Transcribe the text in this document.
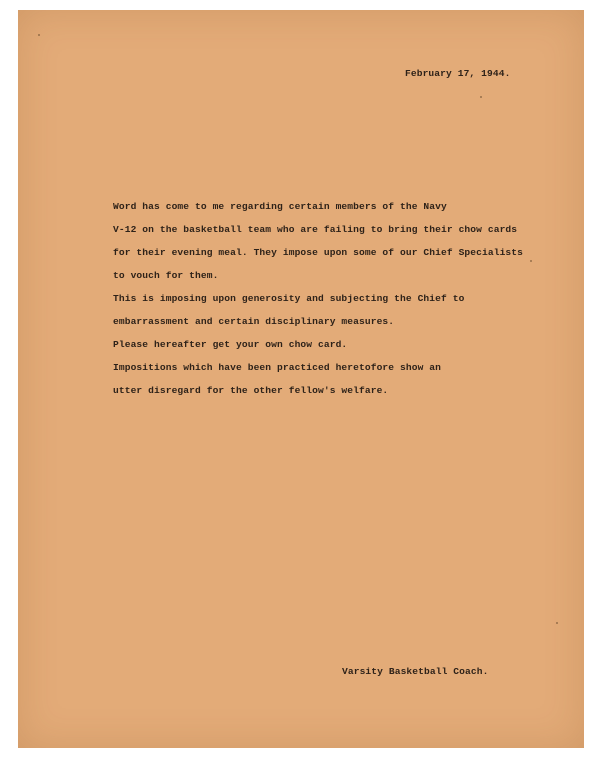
February 17, 1944.
Word has come to me regarding certain members of the Navy
V-12 on the basketball team who are failing to bring their chow cards
for their evening meal. They impose upon some of our Chief Specialists
to vouch for them.
This is imposing upon generosity and subjecting the Chief to
embarrassment and certain disciplinary measures.
Please hereafter get your own chow card.
Impositions which have been practiced heretofore show an
utter disregard for the other fellow's welfare.
Varsity Basketball Coach.
